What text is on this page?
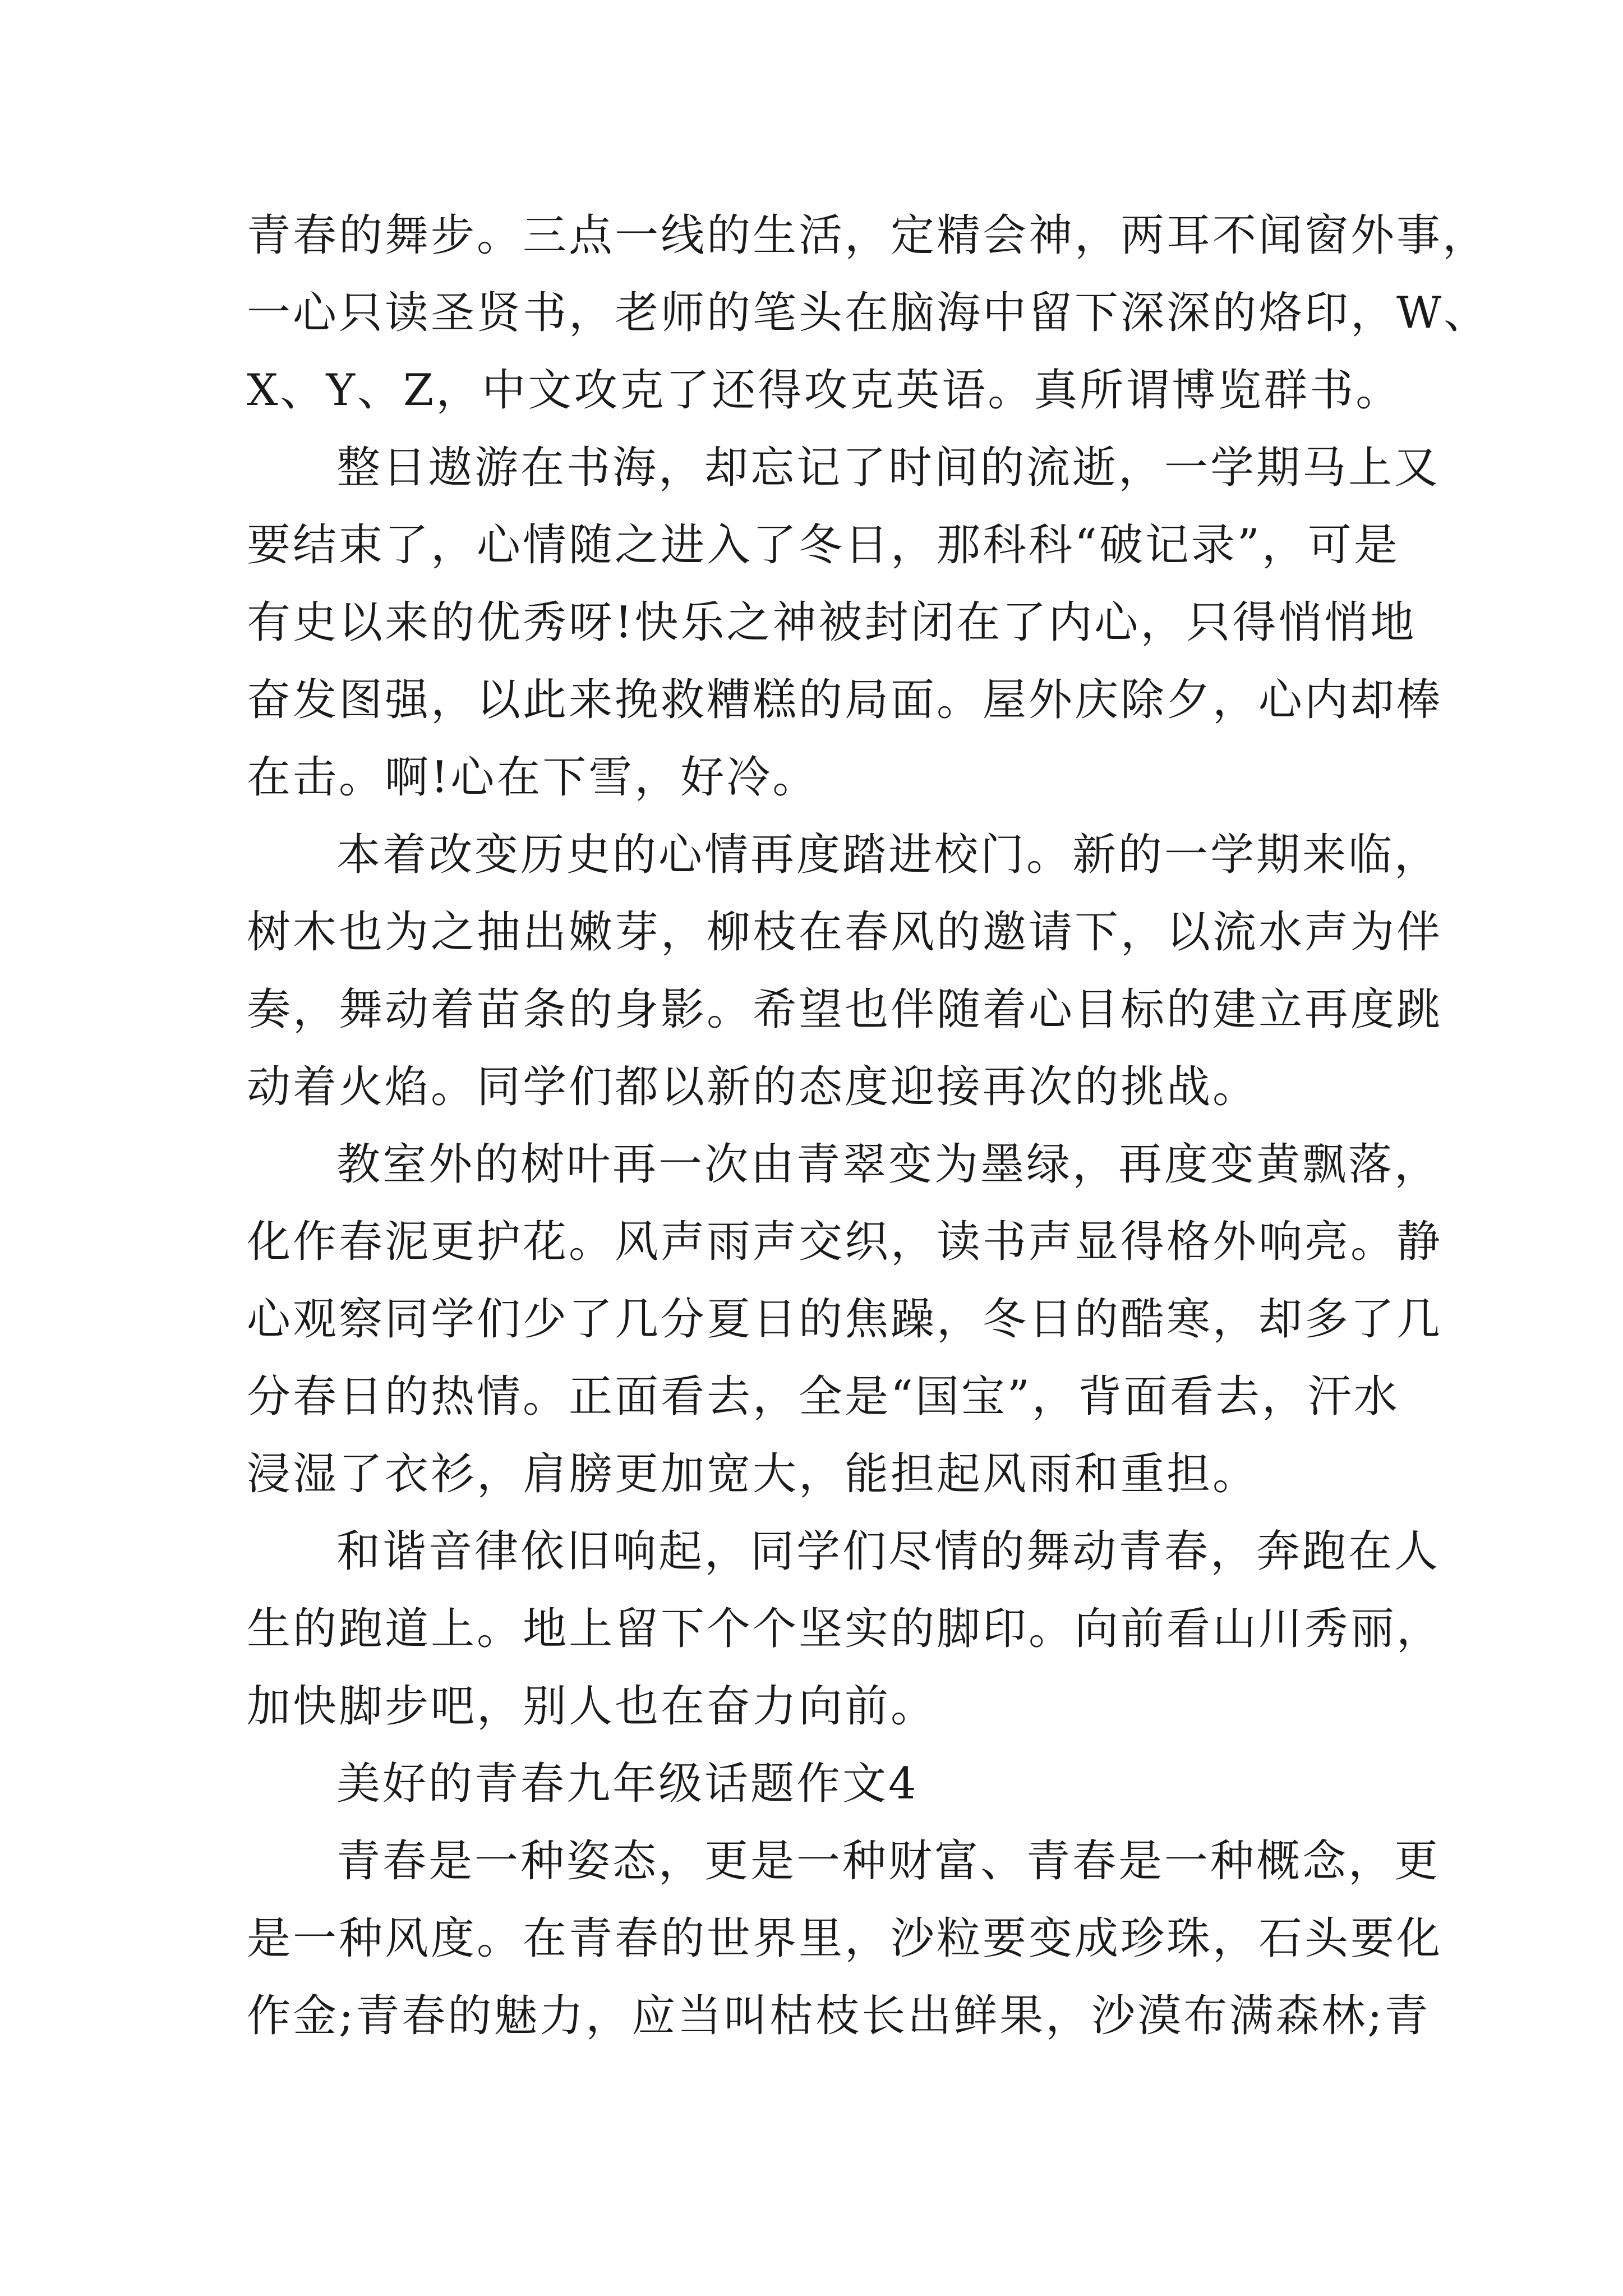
青春的舞步。三点一线的生活，定精会神，两耳不闻窗外事，
一心只读圣贤书，老师的笔头在脑海中留下深深的烙印，W、
X、Y、Z，中文攻克了还得攻克英语。真所谓博览群书。
整日遨游在书海，却忘记了时间的流逝，一学期马上又
要结束了，心情随之进入了冬日，那科科“破记录”，可是
有史以来的优秀呀!快乐之神被封闭在了内心，只得悄悄地
奋发图强，以此来挽救糟糕的局面。屋外庆除夕，心内却棒
在击。啊!心在下雪，好冷。
本着改变历史的心情再度踏进校门。新的一学期来临，
树木也为之抽出嫩芽，柳枝在春风的邀请下，以流水声为伴
奏，舞动着苗条的身影。希望也伴随着心目标的建立再度跳
动着火焰。同学们都以新的态度迎接再次的挑战。
教室外的树叶再一次由青翠变为墨绿，再度变黄飘落，
化作春泥更护花。风声雨声交织，读书声显得格外响亮。静
心观察同学们少了几分夏日的焦躁，冬日的酷寒，却多了几
分春日的热情。正面看去，全是“国宝”，背面看去，汗水
浸湿了衣衫，肩膀更加宽大，能担起风雨和重担。
和谐音律依旧响起，同学们尽情的舞动青春，奔跑在人
生的跑道上。地上留下个个坚实的脚印。向前看山川秀丽，
加快脚步吧，别人也在奋力向前。
美好的青春九年级话题作文4
青春是一种姿态，更是一种财富、青春是一种概念，更
是一种风度。在青春的世界里，沙粒要变成珍珠，石头要化
作金;青春的魅力，应当叫枯枝长出鲜果，沙漠布满森林;青
